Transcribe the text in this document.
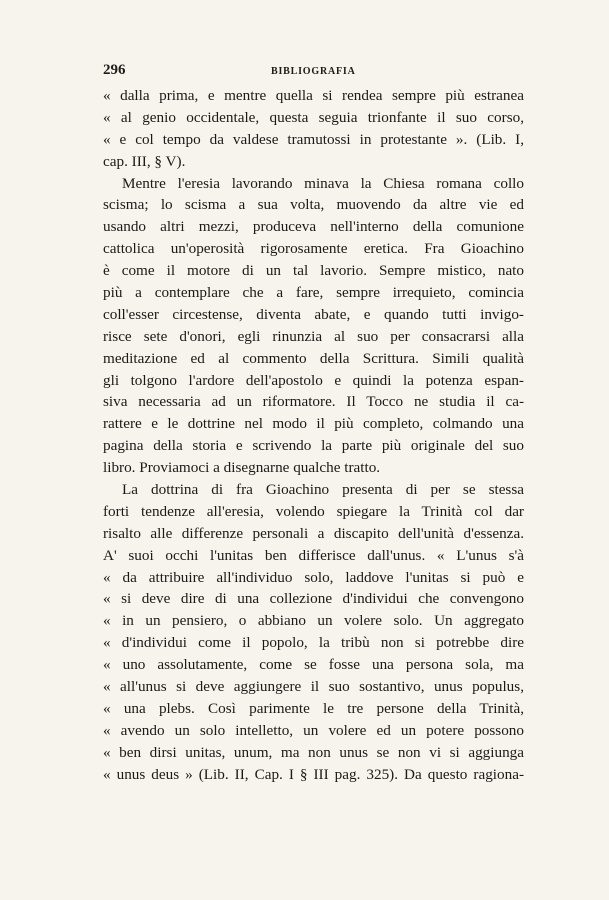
296	BIBLIOGRAFIA
« dalla prima, e mentre quella si rendea sempre più estranea
« al genio occidentale, questa seguia trionfante il suo corso,
« e col tempo da valdese tramutossi in protestante ». (Lib. I,
cap. III, § V).
Mentre l'eresia lavorando minava la Chiesa romana collo
scisma; lo scisma a sua volta, muovendo da altre vie ed
usando altri mezzi, produceva nell'interno della comunione
cattolica un'operosità rigorosamente eretica. Fra Gioachino
è come il motore di un tal lavorio. Sempre mistico, nato
più a contemplare che a fare, sempre irrequieto, comincia
coll'esser circestense, diventa abate, e quando tutti invigo-
risce sete d'onori, egli rinunzia al suo per consacrarsi alla
meditazione ed al commento della Scrittura. Simili qualità
gli tolgono l'ardore dell'apostolo e quindi la potenza espan-
siva necessaria ad un riformatore. Il Tocco ne studia il ca-
rattere e le dottrine nel modo il più completo, colmando una
pagina della storia e scrivendo la parte più originale del suo
libro. Proviamoci a disegnarne qualche tratto.
La dottrina di fra Gioachino presenta di per se stessa
forti tendenze all'eresia, volendo spiegare la Trinità col dar
risalto alle differenze personali a discapito dell'unità d'essenza.
A' suoi occhi l'unitas ben differisce dall'unus. « L'unus s'à
« da attribuire all'individuo solo, laddove l'unitas si può e
« si deve dire di una collezione d'individui che convengono
« in un pensiero, o abbiano un volere solo. Un aggregato
« d'individui come il popolo, la tribù non si potrebbe dire
« uno assolutamente, come se fosse una persona sola, ma
« all'unus si deve aggiungere il suo sostantivo, unus populus,
« una plebs. Così parimente le tre persone della Trinità,
« avendo un solo intelletto, un volere ed un potere possono
« ben dirsi unitas, unum, ma non unus se non vi si aggiunga
« unus deus » (Lib. II, Cap. I § III pag. 325). Da questo ragiona-
